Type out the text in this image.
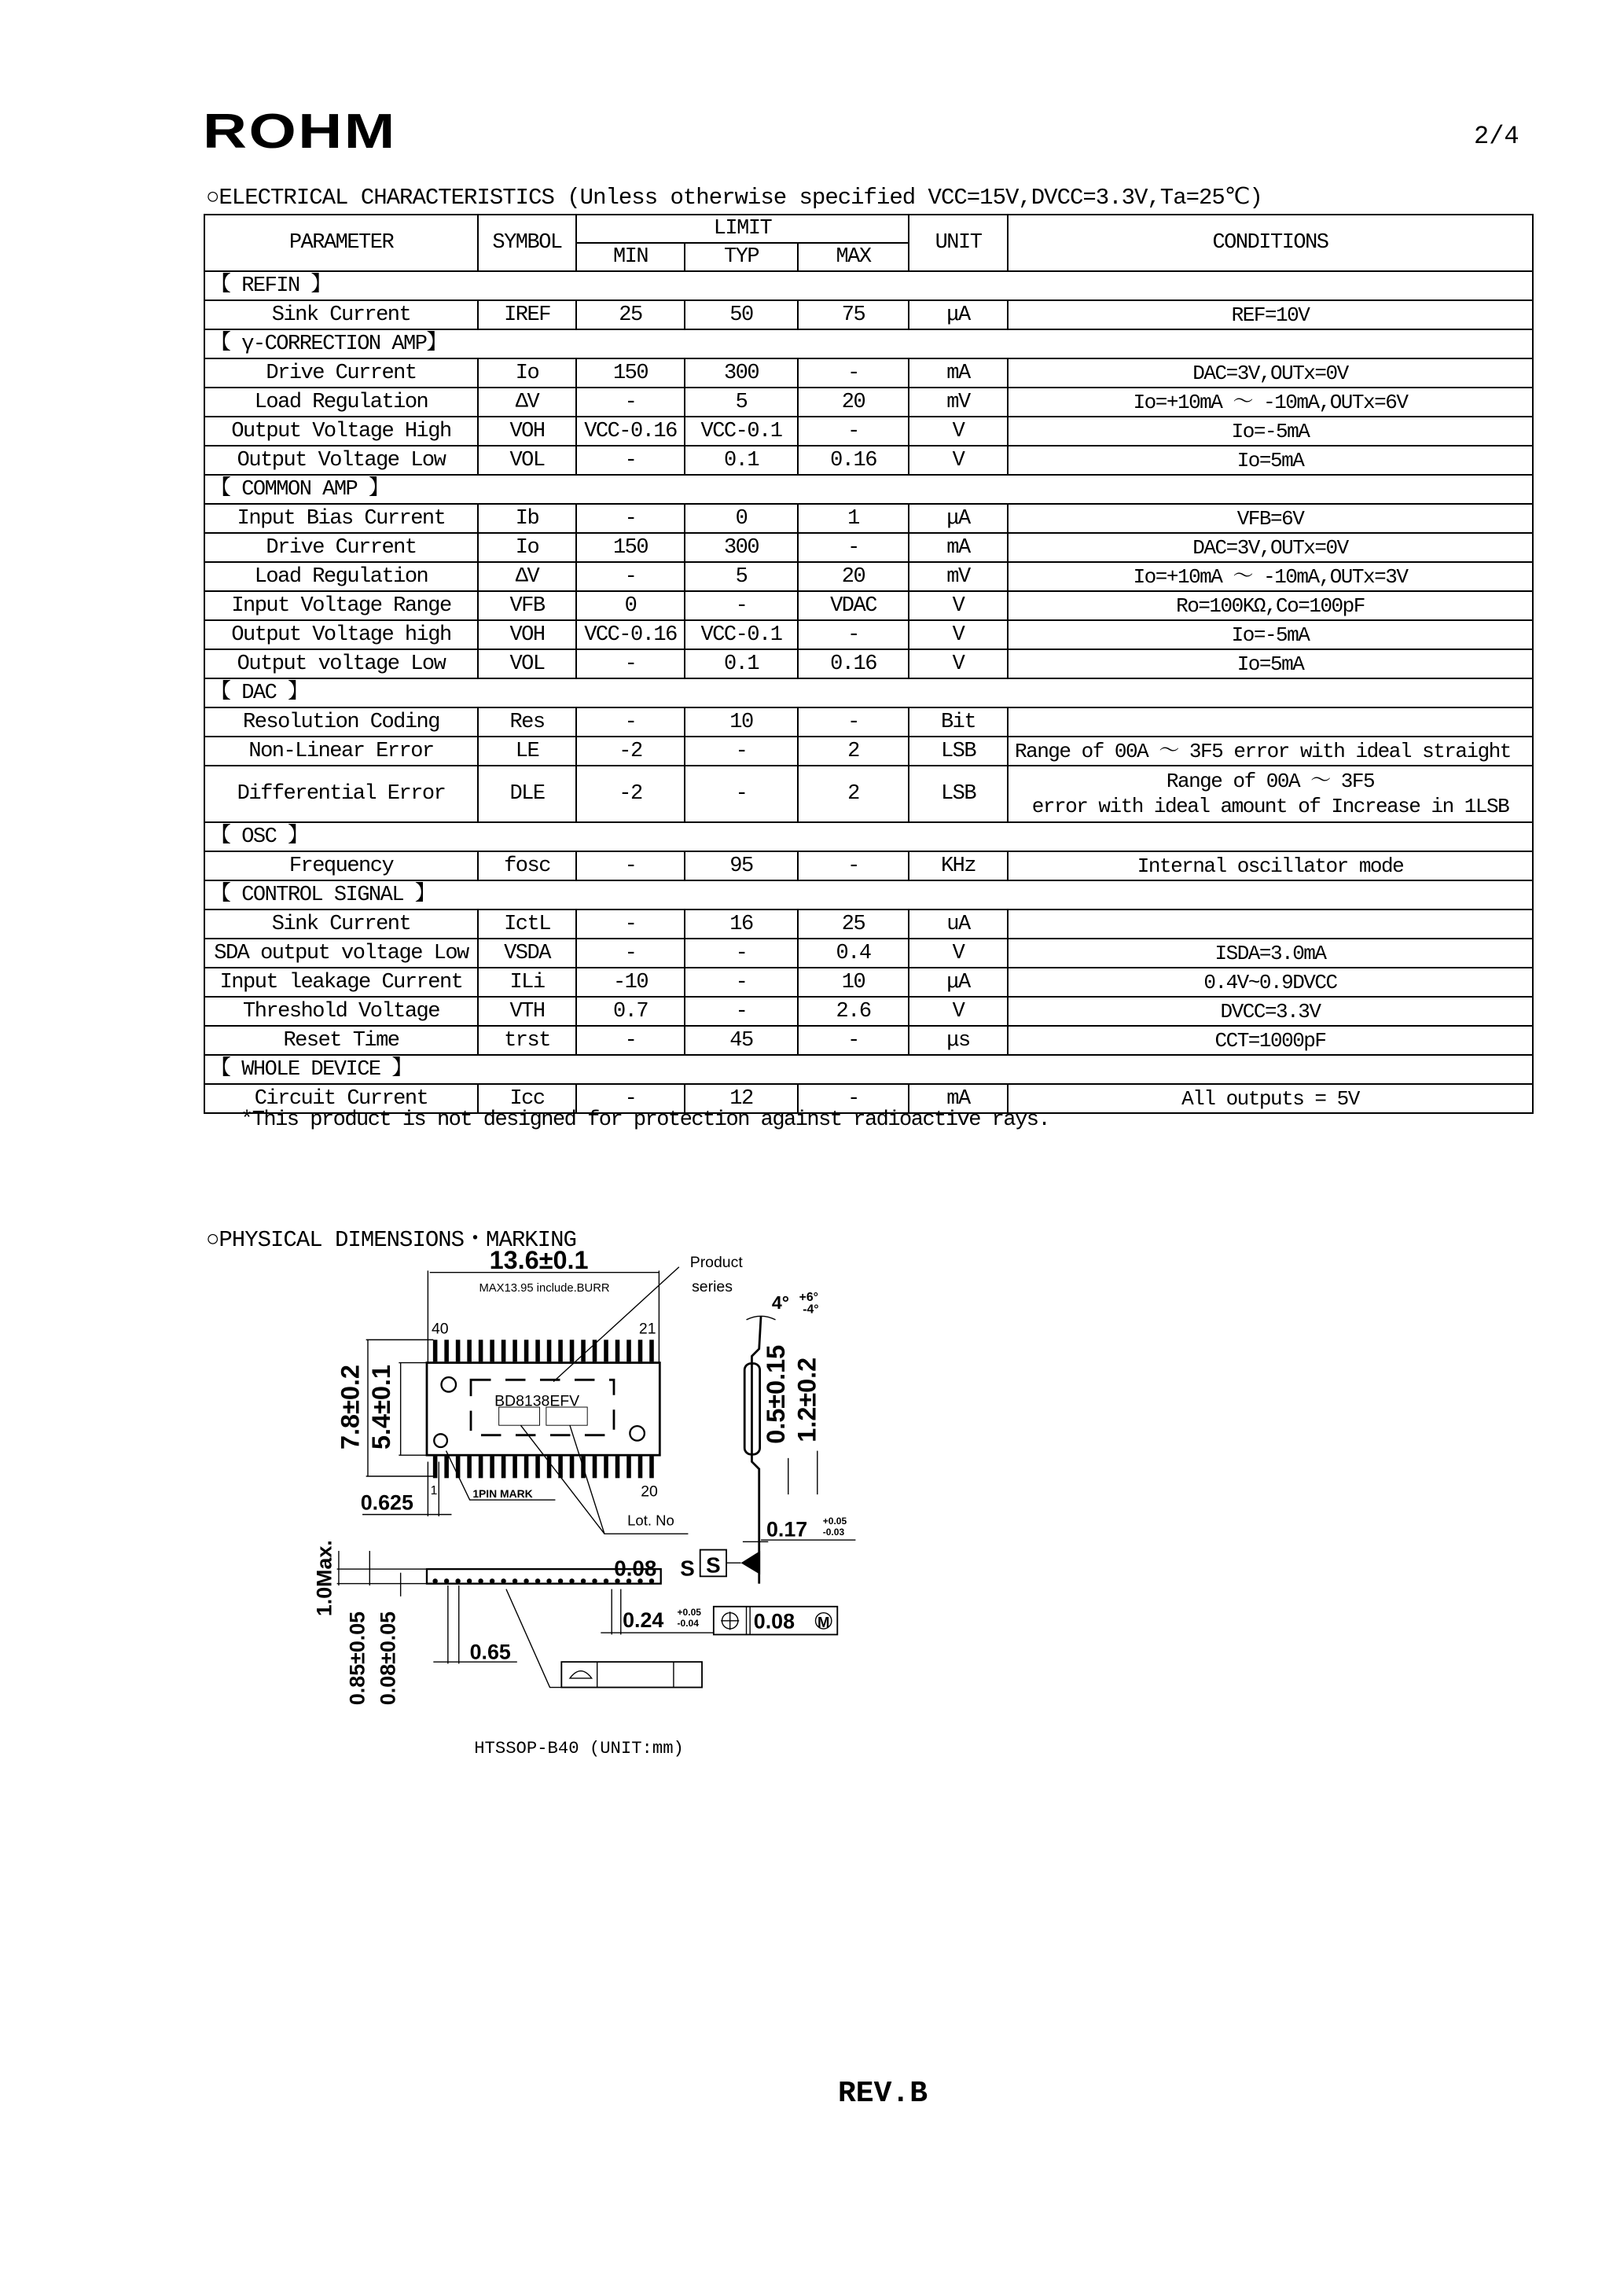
ROHM	2/4
○ELECTRICAL CHARACTERISTICS (Unless otherwise specified VCC=15V,DVCC=3.3V,Ta=25℃)
PARAMETER	SYMBOL	LIMIT			UNIT	CONDITIONS
		MIN	TYP	MAX		
【 REFIN 】						
Sink Current	IREF	25	50	75	μA	REF=10V
【 γ-CORRECTION AMP】						
Drive Current	Io	150	300	-	mA	DAC=3V,OUTx=0V
Load Regulation	ΔV	-	5	20	mV	Io=+10mA ～ -10mA,OUTx=6V
Output Voltage High	VOH	VCC-0.16	VCC-0.1	-	V	Io=-5mA
Output Voltage Low	VOL	-	0.1	0.16	V	Io=5mA
【 COMMON AMP 】						
Input Bias Current	Ib	-	0	1	μA	VFB=6V
Drive Current	Io	150	300	-	mA	DAC=3V,OUTx=0V
Load Regulation	ΔV	-	5	20	mV	Io=+10mA ～ -10mA,OUTx=3V
Input Voltage Range	VFB	0	-	VDAC	V	Ro=100KΩ,Co=100pF
Output Voltage high	VOH	VCC-0.16	VCC-0.1	-	V	Io=-5mA
Output voltage Low	VOL	-	0.1	0.16	V	Io=5mA
【 DAC 】						
Resolution Coding	Res	-	10	-	Bit	
Non-Linear Error	LE	-2	-	2	LSB	Range of 00A ～ 3F5 error with ideal straight
Differential Error	DLE	-2	-	2	LSB	Range of 00A ～ 3F5
error with ideal amount of Increase in 1LSB

【 OSC 】						
Frequency	fosc	-	95	-	KHz	Internal oscillator mode
【 CONTROL SIGNAL 】						
Sink Current	IctL	-	16	25	uA	
SDA output voltage Low	VSDA	-	-	0.4	V	ISDA=3.0mA
Input leakage Current	ILi	-10	-	10	μA	0.4V~0.9DVCC
Threshold Voltage	VTH	0.7	-	2.6	V	DVCC=3.3V
Reset Time	trst	-	45	-	μs	CCT=1000pF
【 WHOLE DEVICE 】						
Circuit Current	Icc	-	12	-	mA	All outputs = 5V
*This product is not designed for protection against radioactive rays.
○PHYSICAL DIMENSIONS・MARKING
13.6±0.1
0.625
0.65
0.08 S S
0.24 0.08 M
0.17
4°
7.8±0.2 5.4±0.1	0.5±0.15 1.2±0.2
1.0Max.
0.85±0.05 0.08±0.05
+6°
-4°
+0.05
-0.03
+0.05
-0.04
MAX13.95 include.BURR
Product
series
40	21
1	20
BD8138EFV
1PIN MARK
Lot. No
HTSSOP-B40 (UNIT:mm)
REV.B
